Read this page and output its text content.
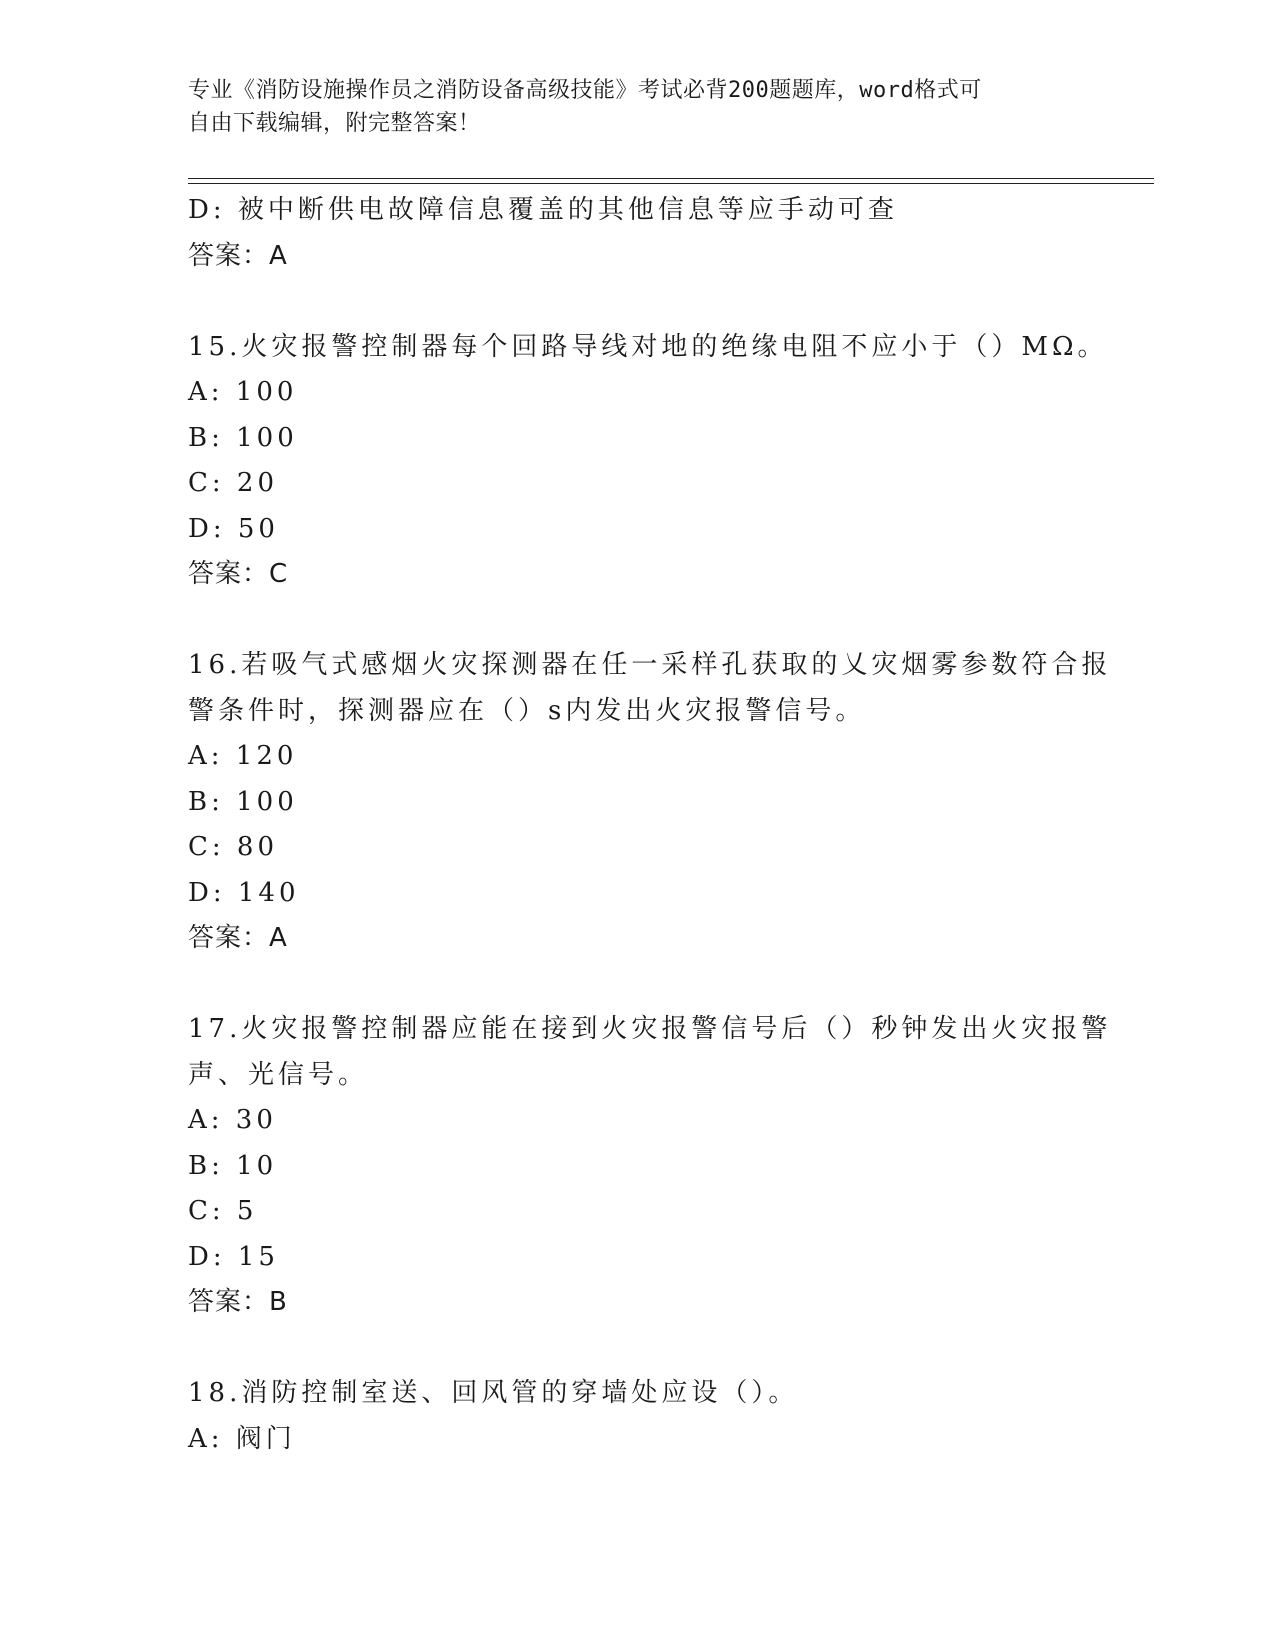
专业《消防设施操作员之消防设备高级技能》考试必背200题题库，word格式可
自由下载编辑，附完整答案！
D: 被中断供电故障信息覆盖的其他信息等应手动可查
答案：A
15.火灾报警控制器每个回路导线对地的绝缘电阻不应小于（）MΩ。
A: 100
B: 100
C: 20
D: 50
答案：C
16.若吸气式感烟火灾探测器在任一采样孔获取的乂灾烟雾参数符合报
警条件时，探测器应在（）s内发出火灾报警信号。
A: 120
B: 100
C: 80
D: 140
答案：A
17.火灾报警控制器应能在接到火灾报警信号后（）秒钟发出火灾报警
声、光信号。
A: 30
B: 10
C: 5
D: 15
答案：B
18.消防控制室送、回风管的穿墙处应设（）。
A: 阀门
